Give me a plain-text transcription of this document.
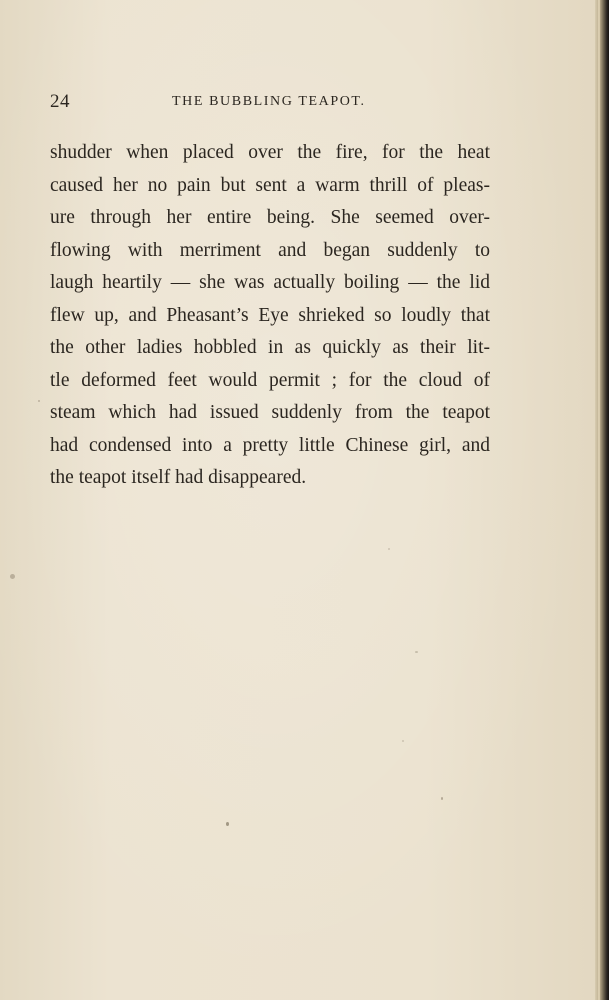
24	THE BUBBLING TEAPOT.
shudder when placed over the fire, for the heat
caused her no pain but sent a warm thrill of pleas-
ure through her entire being. She seemed over-
flowing with merriment and began suddenly to
laugh heartily — she was actually boiling — the lid
flew up, and Pheasant’s Eye shrieked so loudly that
the other ladies hobbled in as quickly as their lit-
tle deformed feet would permit ; for the cloud of
steam which had issued suddenly from the teapot
had condensed into a pretty little Chinese girl, and
the teapot itself had disappeared.
